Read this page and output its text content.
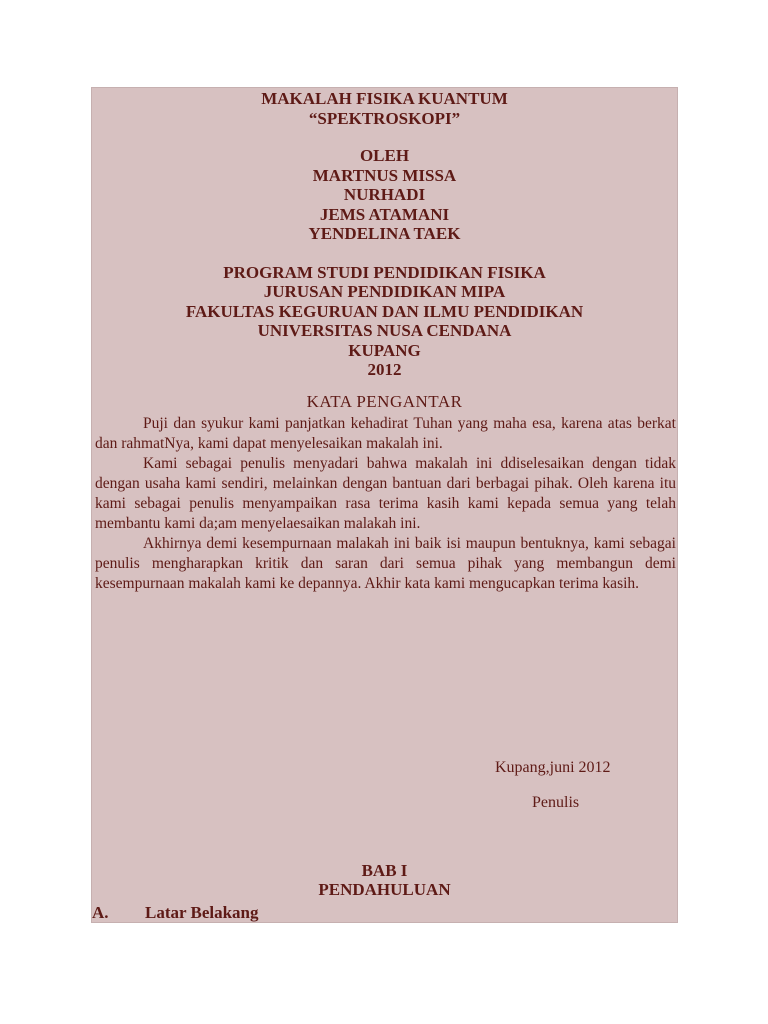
MAKALAH FISIKA KUANTUM
“SPEKTROSKOPI”
OLEH
MARTNUS MISSA
NURHADI
JEMS ATAMANI
YENDELINA TAEK
PROGRAM STUDI PENDIDIKAN FISIKA
JURUSAN PENDIDIKAN MIPA
FAKULTAS KEGURUAN DAN ILMU PENDIDIKAN
UNIVERSITAS NUSA CENDANA
KUPANG
2012
KATA PENGANTAR

Puji dan syukur kami panjatkan kehadirat Tuhan yang maha esa, karena atas berkat dan rahmatNya, kami dapat menyelesaikan makalah ini.

Kami sebagai penulis menyadari bahwa makalah ini ddiselesaikan dengan tidak dengan usaha kami sendiri, melainkan dengan bantuan dari berbagai pihak. Oleh karena itu kami sebagai penulis menyampaikan rasa terima kasih kami kepada semua yang telah membantu kami da;am menyelaesaikan malakah ini.

Akhirnya demi kesempurnaan malakah ini baik isi maupun bentuknya, kami sebagai penulis mengharapkan kritik dan saran dari semua pihak yang membangun demi kesempurnaan makalah kami ke depannya. Akhir kata kami mengucapkan terima kasih.

Kupang,juni 2012
Penulis
BAB I
PENDAHULUAN
A. Latar Belakang
